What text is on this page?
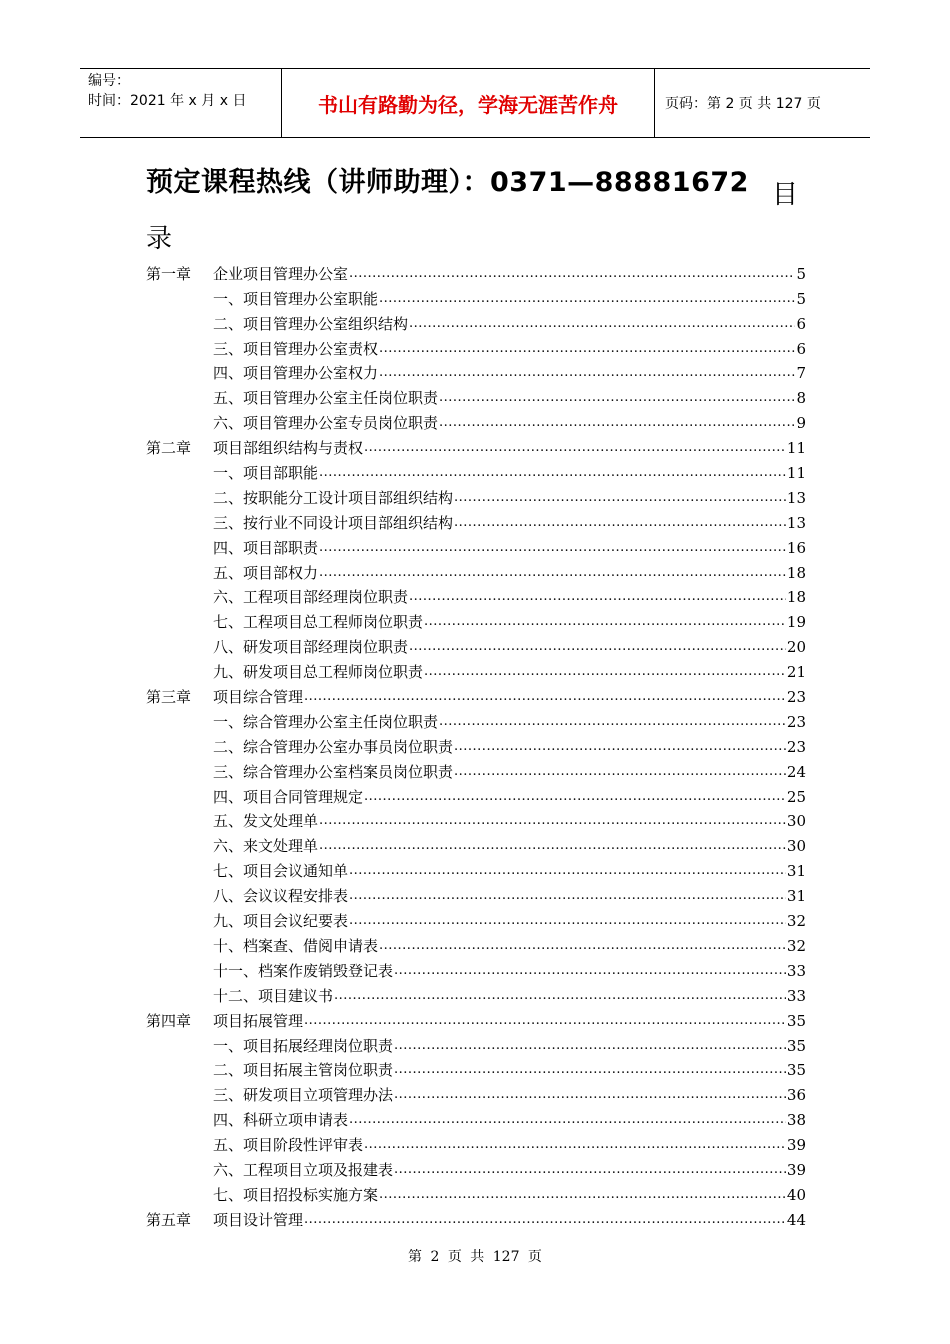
编号：
时间：2021 年 x 月 x 日	书山有路勤为径，学海无涯苦作舟	页码：第 2 页 共 127 页
预定课程热线（讲师助理）：0371—88881672 目
录
第一章	企业项目管理办公室 .....	5
一、项目管理办公室职能 .....	5
二、项目管理办公室组织结构 .....	6
三、项目管理办公室责权 .....	6
四、项目管理办公室权力 .....	7
五、项目管理办公室主任岗位职责 .....	8
六、项目管理办公室专员岗位职责 .....	9
第二章	项目部组织结构与责权 .....	11
一、项目部职能 .....	11
二、按职能分工设计项目部组织结构 .....	13
三、按行业不同设计项目部组织结构 .....	13
四、项目部职责 .....	16
五、项目部权力 .....	18
六、工程项目部经理岗位职责 .....	18
七、工程项目总工程师岗位职责 .....	19
八、研发项目部经理岗位职责 .....	20
九、研发项目总工程师岗位职责 .....	21
第三章	项目综合管理 .....	23
一、综合管理办公室主任岗位职责 .....	23
二、综合管理办公室办事员岗位职责 .....	23
三、综合管理办公室档案员岗位职责 .....	24
四、项目合同管理规定 .....	25
五、发文处理单 .....	30
六、来文处理单 .....	30
七、项目会议通知单 .....	31
八、会议议程安排表 .....	31
九、项目会议纪要表 .....	32
十、档案查、借阅申请表 .....	32
十一、档案作废销毁登记表 .....	33
十二、项目建议书 .....	33
第四章	项目拓展管理 .....	35
一、项目拓展经理岗位职责 .....	35
二、项目拓展主管岗位职责 .....	35
三、研发项目立项管理办法 .....	36
四、科研立项申请表 .....	38
五、项目阶段性评审表 .....	39
六、工程项目立项及报建表 .....	39
七、项目招投标实施方案 .....	40
第五章	项目设计管理 .....	44
第 2 页 共 127 页
